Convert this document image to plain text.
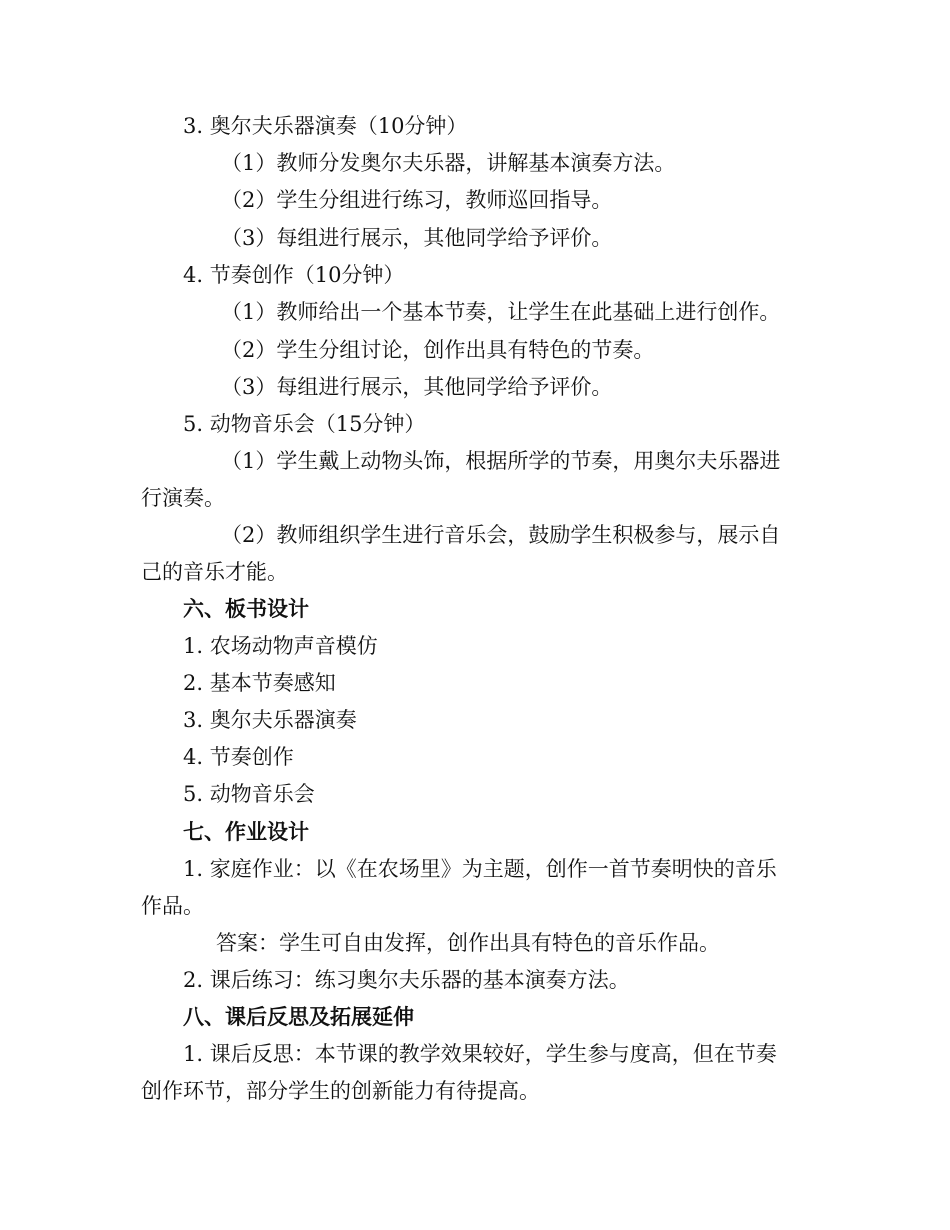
3. 奥尔夫乐器演奏（10分钟）
（1）教师分发奥尔夫乐器，讲解基本演奏方法。
（2）学生分组进行练习，教师巡回指导。
（3）每组进行展示，其他同学给予评价。
4. 节奏创作（10分钟）
（1）教师给出一个基本节奏，让学生在此基础上进行创作。
（2）学生分组讨论，创作出具有特色的节奏。
（3）每组进行展示，其他同学给予评价。
5. 动物音乐会（15分钟）
（1）学生戴上动物头饰，根据所学的节奏，用奥尔夫乐器进
行演奏。
（2）教师组织学生进行音乐会，鼓励学生积极参与，展示自
己的音乐才能。
六、板书设计
1. 农场动物声音模仿
2. 基本节奏感知
3. 奥尔夫乐器演奏
4. 节奏创作
5. 动物音乐会
七、作业设计
1. 家庭作业：以《在农场里》为主题，创作一首节奏明快的音乐
作品。
答案：学生可自由发挥，创作出具有特色的音乐作品。
2. 课后练习：练习奥尔夫乐器的基本演奏方法。
八、课后反思及拓展延伸
1. 课后反思：本节课的教学效果较好，学生参与度高，但在节奏
创作环节，部分学生的创新能力有待提高。
